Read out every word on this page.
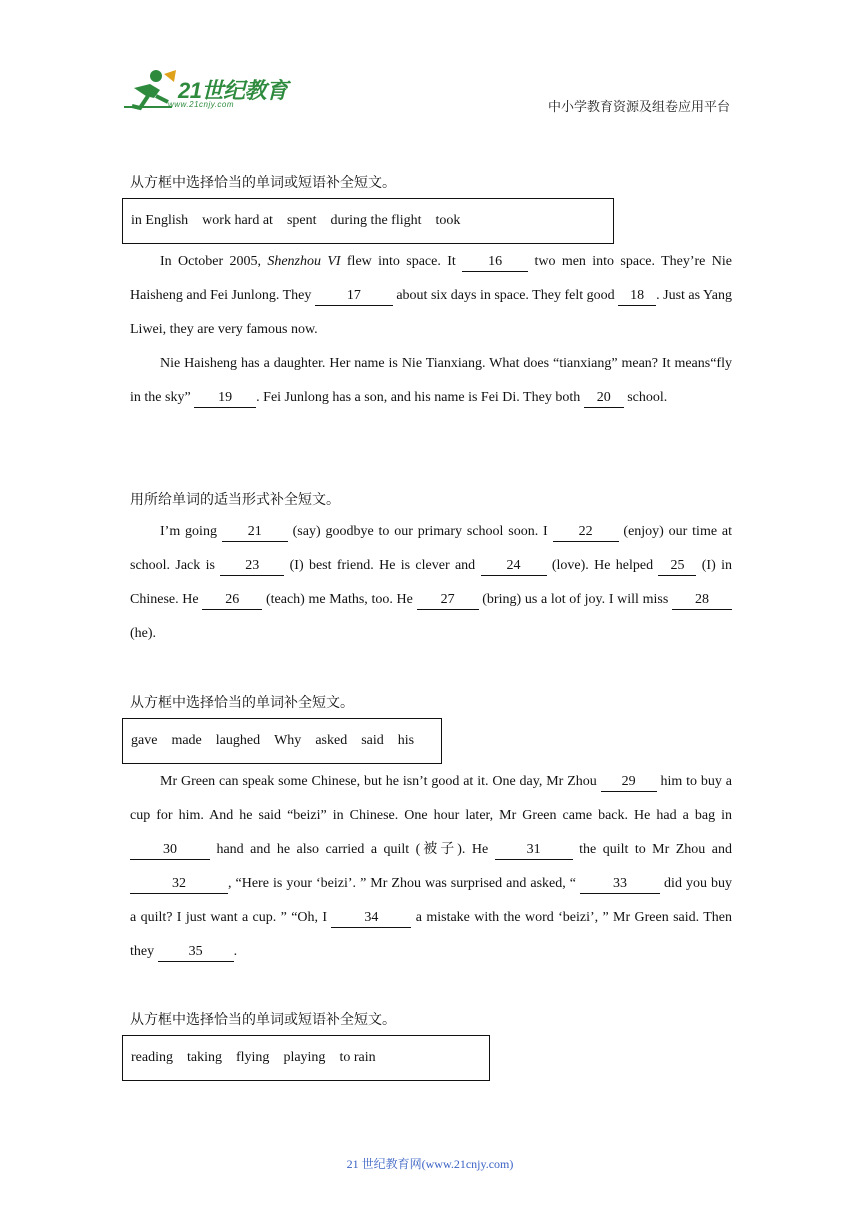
21世纪教育
www.21cnjy.com	中小学教育资源及组卷应用平台
从方框中选择恰当的单词或短语补全短文。
in English work hard at spent during the flight took
In October 2005, Shenzhou VI flew into space. It 16 two men into space. They’re Nie Haisheng and Fei Junlong. They 17 about six days in space. They felt good 18 . Just as Yang Liwei, they are very famous now.
Nie Haisheng has a daughter. Her name is Nie Tianxiang. What does “tianxiang” mean? It means“fly in the sky” 19 . Fei Junlong has a son, and his name is Fei Di. They both 20 school.
用所给单词的适当形式补全短文。
I’m going 21 (say) goodbye to our primary school soon. I 22 (enjoy) our time at school. Jack is 23 (I) best friend. He is clever and 24 (love). He helped 25 (I) in Chinese. He 26 (teach) me Maths, too. He 27 (bring) us a lot of joy. I will miss 28 (he).
从方框中选择恰当的单词补全短文。
gave made laughed Why asked said his
Mr Green can speak some Chinese, but he isn’t good at it. One day, Mr Zhou 29 him to buy a cup for him. And he said “beizi” in Chinese. One hour later, Mr Green came back. He had a bag in 30 hand and he also carried a quilt (被子). He 31 the quilt to Mr Zhou and 32	, “Here is your ‘beizi’. ” Mr Zhou was surprised and asked, “ 33 did you buy a quilt? I just want a cup. ” “Oh, I 34 a mistake with the word ‘beizi’, ” Mr Green said. Then they 35 .
从方框中选择恰当的单词或短语补全短文。
reading taking flying playing to rain
21 世纪教育网(www.21cnjy.com)
